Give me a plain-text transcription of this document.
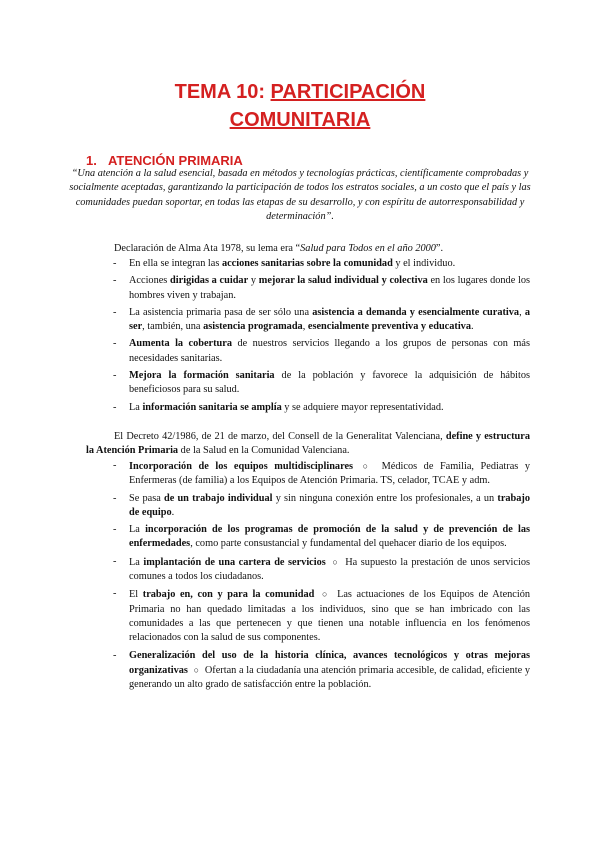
TEMA 10: PARTICIPACIÓN
COMUNITARIA
1. ATENCIÓN PRIMARIA
“Una atención a la salud esencial, basada en métodos y tecnologías prácticas, científicamente comprobadas y socialmente aceptadas, garantizando la participación de todos los estratos sociales, a un costo que el país y las comunidades puedan soportar, en todas las etapas de su desarrollo, y con espíritu de autorresponsabilidad y determinación”.
Declaración de Alma Ata 1978, su lema era “Salud para Todos en el año 2000”.
- En ella se integran las acciones sanitarias sobre la comunidad y el individuo.
- Acciones dirigidas a cuidar y mejorar la salud individual y colectiva en los lugares donde los hombres viven y trabajan.
- La asistencia primaria pasa de ser sólo una asistencia a demanda y esencialmente curativa, a ser, también, una asistencia programada, esencialmente preventiva y educativa.
- Aumenta la cobertura de nuestros servicios llegando a los grupos de personas con más necesidades sanitarias.
- Mejora la formación sanitaria de la población y favorece la adquisición de hábitos beneficiosos para su salud.
- La información sanitaria se amplía y se adquiere mayor representatividad.
El Decreto 42/1986, de 21 de marzo, del Consell de la Generalitat Valenciana, define y estructura la Atención Primaria de la Salud en la Comunidad Valenciana.
- Incorporación de los equipos multidisciplinares ○ Médicos de Familia, Pediatras y Enfermeras (de familia) a los Equipos de Atención Primaria. TS, celador, TCAE y adm.
- Se pasa de un trabajo individual y sin ninguna conexión entre los profesionales, a un trabajo de equipo.
- La incorporación de los programas de promoción de la salud y de prevención de las enfermedades, como parte consustancial y fundamental del quehacer diario de los equipos.
- La implantación de una cartera de servicios ○ Ha supuesto la prestación de unos servicios comunes a todos los ciudadanos.
- El trabajo en, con y para la comunidad ○ Las actuaciones de los Equipos de Atención Primaria no han quedado limitadas a los individuos, sino que se han imbricado con las comunidades a las que pertenecen y que tienen una notable influencia en los fenómenos relacionados con la salud de sus componentes.
- Generalización del uso de la historia clínica, avances tecnológicos y otras mejoras organizativas ○ Ofertan a la ciudadanía una atención primaria accesible, de calidad, eficiente y generando un alto grado de satisfacción entre la población.
